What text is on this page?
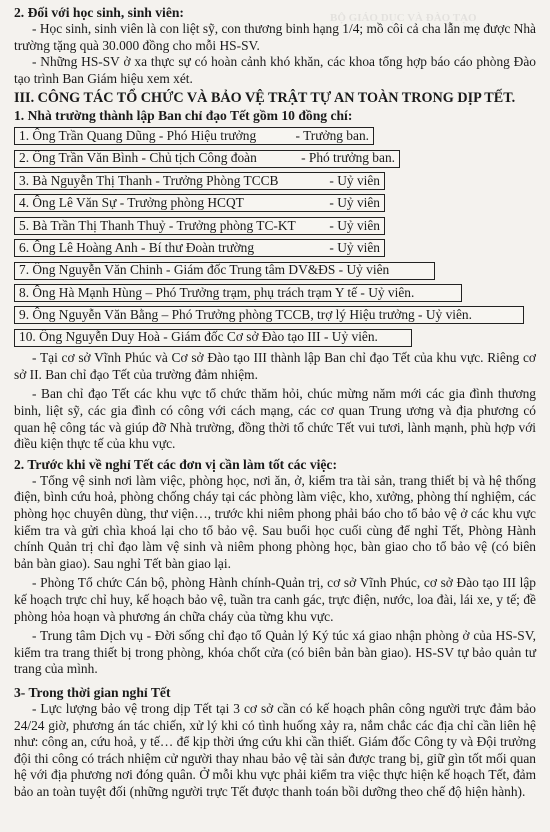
BỘ GIÁO DỤC VÀ ĐÀO TẠO
2. Đối với học sinh, sinh viên:

- Học sinh, sinh viên là con liệt sỹ, con thương binh hạng 1/4; mồ côi cả cha lẫn mẹ được Nhà trường tặng quà 30.000 đồng cho mỗi HS-SV.

- Những HS-SV ở xa thực sự có hoàn cảnh khó khăn, các khoa tổng hợp báo cáo phòng Đào tạo trình Ban Giám hiệu xem xét.

III. CÔNG TÁC TỔ CHỨC VÀ BẢO VỆ TRẬT TỰ AN TOÀN TRONG DỊP TẾT.
1. Nhà trường thành lập Ban chỉ đạo Tết gồm 10 đồng chí:
1. Ông Trần Quang Dũng - Phó Hiệu trưởng	- Trưởng ban.
2. Ông Trần Văn Bình - Chủ tịch Công đoàn	- Phó trưởng ban.
3. Bà Nguyễn Thị Thanh - Trưởng Phòng TCCB	- Uỷ viên
4. Ông Lê Văn Sự - Trưởng phòng HCQT	- Uỷ viên
5. Bà Trần Thị Thanh Thuỷ - Trưởng phòng TC-KT	- Uỷ viên
6. Ông Lê Hoàng Anh - Bí thư Đoàn trường	- Uỷ viên
7. Ông Nguyễn Văn Chinh - Giám đốc Trung tâm DV&ĐS - Uỷ viên
8. Ông Hà Mạnh Hùng – Phó Trưởng trạm, phụ trách trạm Y tế - Uỷ viên.
9. Ông Nguyễn Văn Bằng – Phó Trưởng phòng TCCB, trợ lý Hiệu trưởng - Uỷ viên.
10. Ông Nguyễn Duy Hoà - Giám đốc Cơ sở Đào tạo III - Uỷ viên.

- Tại cơ sở Vĩnh Phúc và Cơ sở Đào tạo III thành lập Ban chỉ đạo Tết của khu vực. Riêng cơ sở II. Ban chỉ đạo Tết của trường đảm nhiệm.

- Ban chỉ đạo Tết các khu vực tổ chức thăm hỏi, chúc mừng năm mới các gia đình thương binh, liệt sỹ, các gia đình có công với cách mạng, các cơ quan Trung ương và địa phương có quan hệ công tác và giúp đỡ Nhà trường, đồng thời tổ chức Tết vui tươi, lành mạnh, phù hợp với điều kiện thực tế của khu vực.

2. Trước khi về nghỉ Tết các đơn vị cần làm tốt các việc:

- Tổng vệ sinh nơi làm việc, phòng học, nơi ăn, ở, kiểm tra tài sản, trang thiết bị và hệ thống điện, bình cứu hoả, phòng chống cháy tại các phòng làm việc, kho, xưởng, phòng thí nghiệm, các phòng học chuyên dùng, thư viện…, trước khi niêm phong phải báo cho tổ bảo vệ ở các khu vực kiểm tra và gửi chìa khoá lại cho tổ bảo vệ. Sau buổi học cuối cùng để nghỉ Tết, Phòng Hành chính Quản trị chỉ đạo làm vệ sinh và niêm phong phòng học, bàn giao cho tổ bảo vệ (có biên bản bàn giao). Sau nghỉ Tết bàn giao lại.

- Phòng Tổ chức Cán bộ, phòng Hành chính-Quản trị, cơ sở Vĩnh Phúc, cơ sở Đào tạo III lập kế hoạch trực chỉ huy, kế hoạch bảo vệ, tuần tra canh gác, trực điện, nước, loa đài, lái xe, y tế; đề phòng hỏa hoạn và phương án chữa cháy của từng khu vực.

- Trung tâm Dịch vụ - Đời sống chỉ đạo tổ Quản lý Ký túc xá giao nhận phòng ở của HS-SV, kiểm tra trang thiết bị trong phòng, khóa chốt cửa (có biên bản bàn giao). HS-SV tự bảo quản tư trang của mình.

3- Trong thời gian nghỉ Tết

- Lực lượng bảo vệ trong dịp Tết tại 3 cơ sở cần có kế hoạch phân công người trực đảm bảo 24/24 giờ, phương án tác chiến, xử lý khi có tình huống xảy ra, nắm chắc các địa chỉ cần liên hệ như: công an, cứu hoả, y tế… để kịp thời ứng cứu khi cần thiết. Giám đốc Công ty và Đội trưởng đội thi công có trách nhiệm cử người thay nhau bảo vệ tài sản được trang bị, giữ gìn tốt mối quan hệ với địa phương nơi đóng quân. Ở mỗi khu vực phải kiểm tra việc thực hiện kế hoạch Tết, đảm bảo an toàn tuyệt đối (những người trực Tết được thanh toán bồi dưỡng theo chế độ hiện hành).
